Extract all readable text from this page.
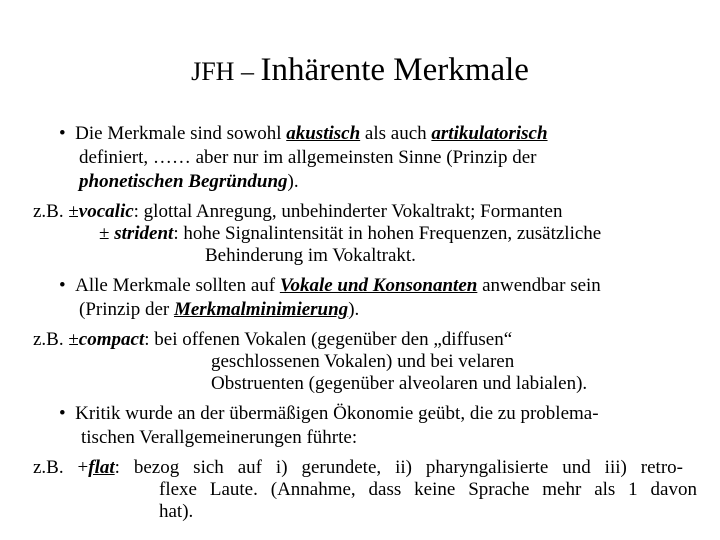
JFH – Inhärente Merkmale
• Die Merkmale sind sowohl akustisch als auch artikulatorisch
definiert, …… aber nur im allgemeinsten Sinne (Prinzip der
phonetischen Begründung).
z.B. ±vocalic: glottal Anregung, unbehinderter Vokaltrakt; Formanten
± strident: hohe Signalintensität in hohen Frequenzen, zusätzliche
Behinderung im Vokaltrakt.
• Alle Merkmale sollten auf Vokale und Konsonanten anwendbar sein
(Prinzip der Merkmalminimierung).
z.B. ±compact: bei offenen Vokalen (gegenüber den „diffusen“
geschlossenen Vokalen) und bei velaren
Obstruenten (gegenüber alveolaren und labialen).
• Kritik wurde an der übermäßigen Ökonomie geübt, die zu problema-
tischen Verallgemeinerungen führte:
z.B. +flat: bezog sich auf i) gerundete, ii) pharyngalisierte und iii) retro-
flexe Laute. (Annahme, dass keine Sprache mehr als 1 davon
hat).
